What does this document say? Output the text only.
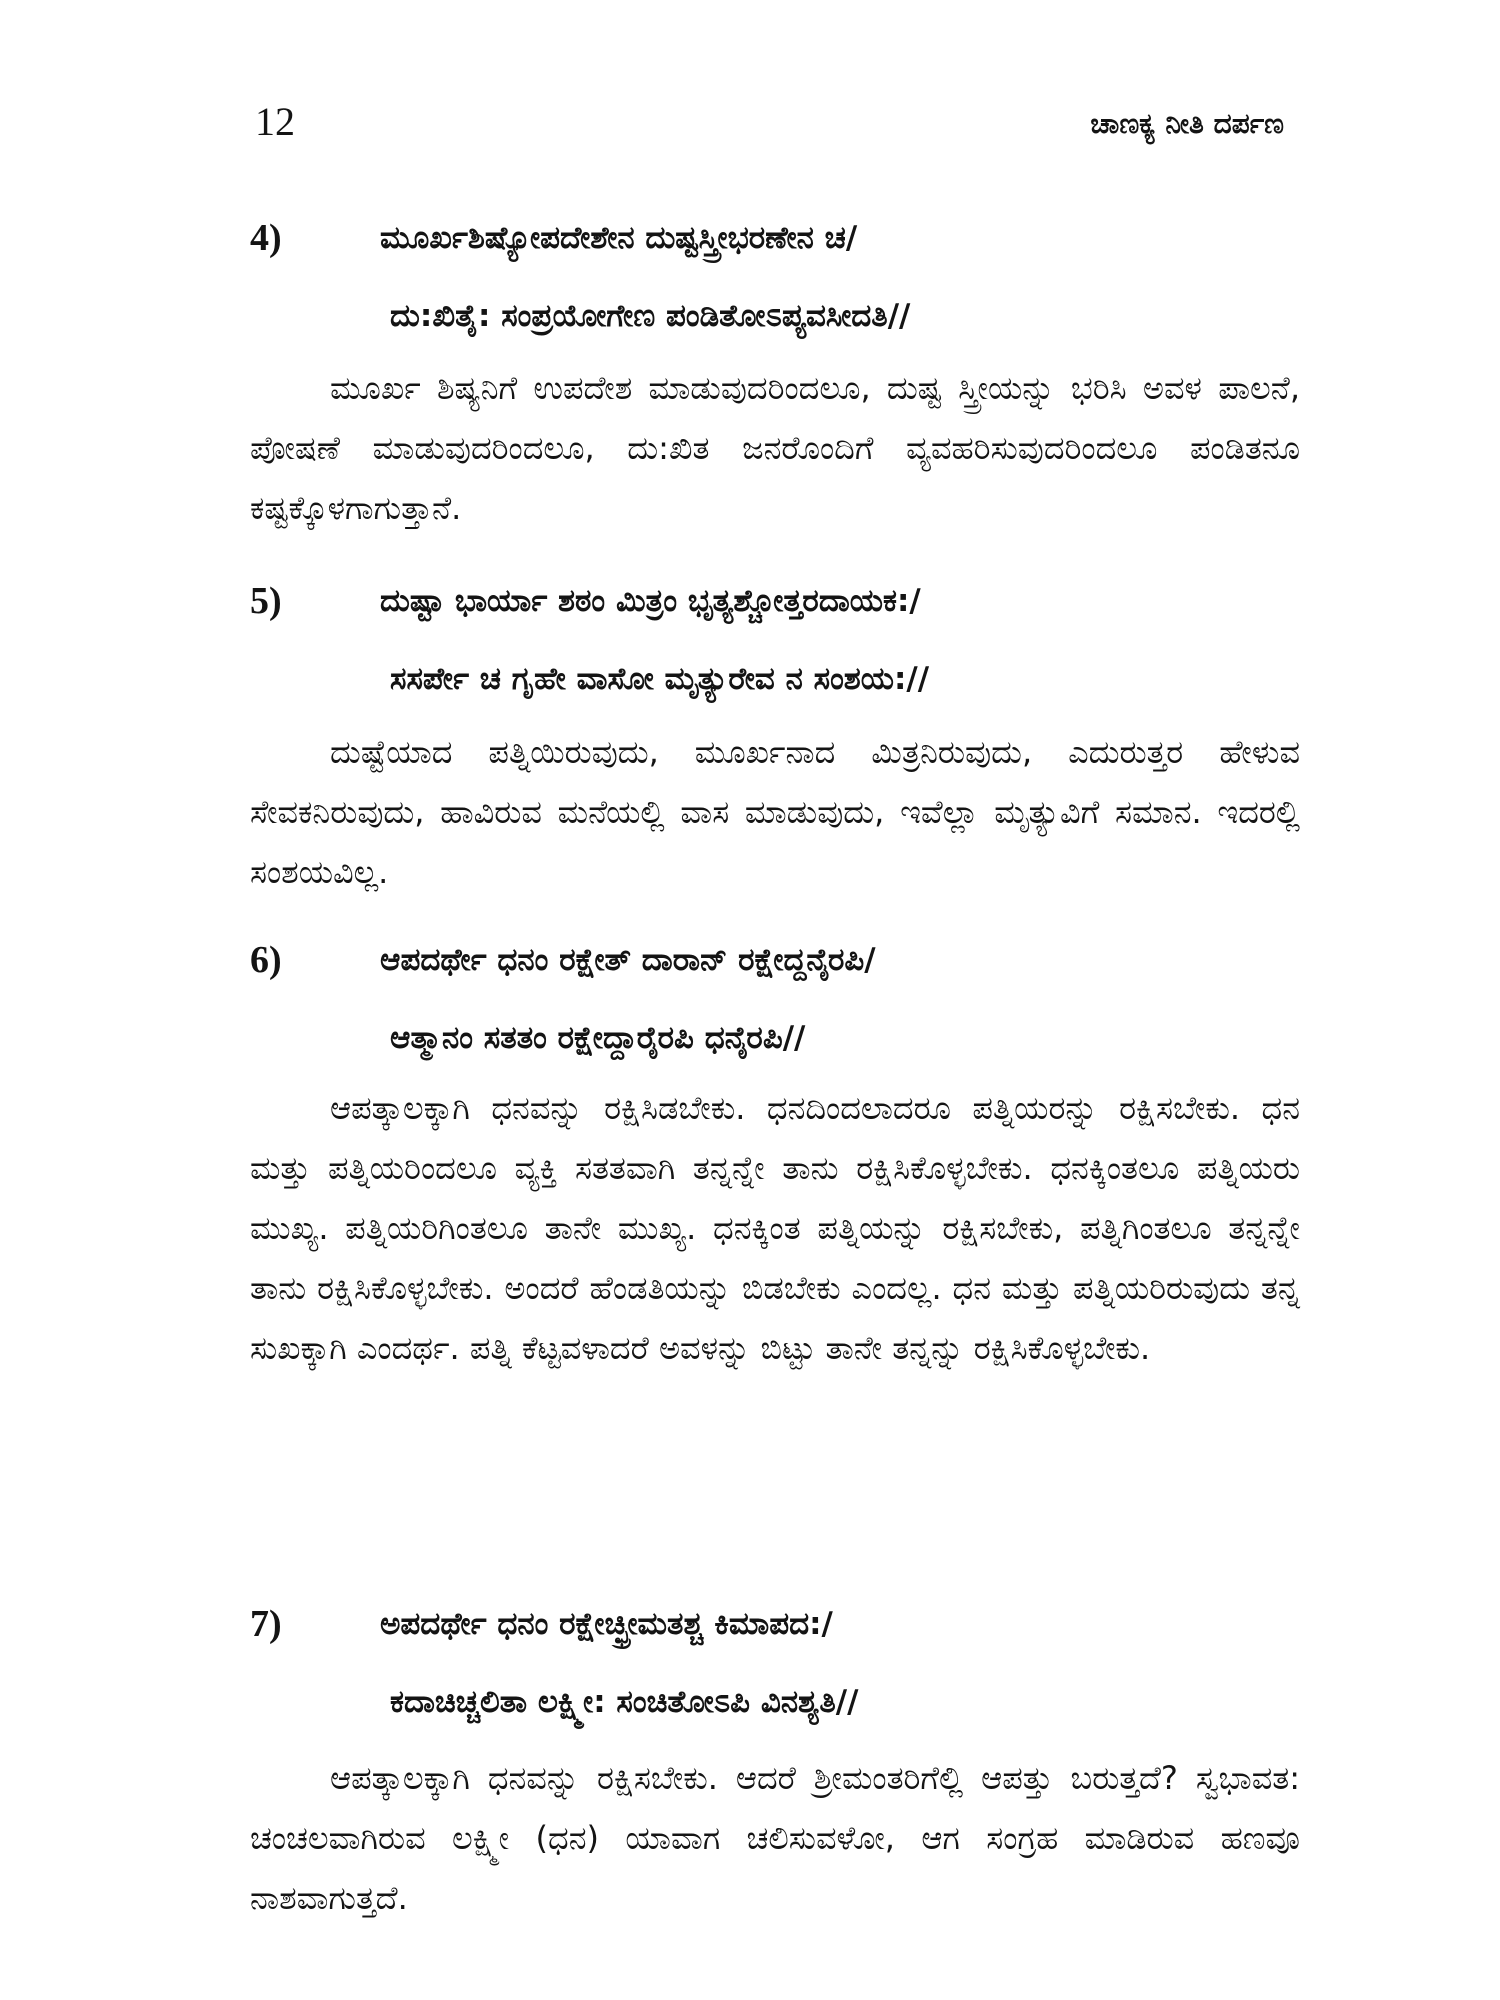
12	ಚಾಣಕ್ಯ ನೀತಿ ದರ್ಪಣ
4)	ಮೂರ್ಖಶಿಷ್ಯೋಪದೇಶೇನ ದುಷ್ಟಸ್ತ್ರೀಭರಣೇನ ಚ/
ದು:ಖಿತೈ: ಸಂಪ್ರಯೋಗೇಣ ಪಂಡಿತೋಽಪ್ಯವಸೀದತಿ//

ಮೂರ್ಖ ಶಿಷ್ಯನಿಗೆ ಉಪದೇಶ ಮಾಡುವುದರಿಂದಲೂ, ದುಷ್ಟ ಸ್ತ್ರೀಯನ್ನು ಭರಿಸಿ ಅವಳ ಪಾಲನೆ, ಪೋಷಣೆ ಮಾಡುವುದರಿಂದಲೂ, ದು:ಖಿತ ಜನರೊಂದಿಗೆ ವ್ಯವಹರಿಸುವುದರಿಂದಲೂ ಪಂಡಿತನೂ ಕಷ್ಟಕ್ಕೊಳಗಾಗುತ್ತಾನೆ.

5)	ದುಷ್ಟಾ ಭಾರ್ಯಾ ಶಠಂ ಮಿತ್ರಂ ಭೃತ್ಯಶ್ಚೋತ್ತರದಾಯಕ:/
ಸಸರ್ಪೇ ಚ ಗೃಹೇ ವಾಸೋ ಮೃತ್ಯುರೇವ ನ ಸಂಶಯ://

ದುಷ್ಟೆಯಾದ ಪತ್ನಿಯಿರುವುದು, ಮೂರ್ಖನಾದ ಮಿತ್ರನಿರುವುದು, ಎದುರುತ್ತರ ಹೇಳುವ ಸೇವಕನಿರುವುದು, ಹಾವಿರುವ ಮನೆಯಲ್ಲಿ ವಾಸ ಮಾಡುವುದು, ಇವೆಲ್ಲಾ ಮೃತ್ಯುವಿಗೆ ಸಮಾನ. ಇದರಲ್ಲಿ ಸಂಶಯವಿಲ್ಲ.

6)	ಆಪದರ್ಥೇ ಧನಂ ರಕ್ಷೇತ್ ದಾರಾನ್ ರಕ್ಷೇದ್ದನೈರಪಿ/
ಆತ್ಮಾನಂ ಸತತಂ ರಕ್ಷೇದ್ದಾರೈರಪಿ ಧನೈರಪಿ//

ಆಪತ್ಕಾಲಕ್ಕಾಗಿ ಧನವನ್ನು ರಕ್ಷಿಸಿಡಬೇಕು. ಧನದಿಂದಲಾದರೂ ಪತ್ನಿಯರನ್ನು ರಕ್ಷಿಸಬೇಕು. ಧನ ಮತ್ತು ಪತ್ನಿಯರಿಂದಲೂ ವ್ಯಕ್ತಿ ಸತತವಾಗಿ ತನ್ನನ್ನೇ ತಾನು ರಕ್ಷಿಸಿಕೊಳ್ಳಬೇಕು. ಧನಕ್ಕಿಂತಲೂ ಪತ್ನಿಯರು ಮುಖ್ಯ. ಪತ್ನಿಯರಿಗಿಂತಲೂ ತಾನೇ ಮುಖ್ಯ. ಧನಕ್ಕಿಂತ ಪತ್ನಿಯನ್ನು ರಕ್ಷಿಸಬೇಕು, ಪತ್ನಿಗಿಂತಲೂ ತನ್ನನ್ನೇ ತಾನು ರಕ್ಷಿಸಿಕೊಳ್ಳಬೇಕು. ಅಂದರೆ ಹೆಂಡತಿಯನ್ನು ಬಿಡಬೇಕು ಎಂದಲ್ಲ. ಧನ ಮತ್ತು ಪತ್ನಿಯರಿರುವುದು ತನ್ನ ಸುಖಕ್ಕಾಗಿ ಎಂದರ್ಥ. ಪತ್ನಿ ಕೆಟ್ಟವಳಾದರೆ ಅವಳನ್ನು ಬಿಟ್ಟು ತಾನೇ ತನ್ನನ್ನು ರಕ್ಷಿಸಿಕೊಳ್ಳಬೇಕು.

7)	ಅಪದರ್ಥೇ ಧನಂ ರಕ್ಷೇಚ್ಛ್ರೀಮತಶ್ಚ ಕಿಮಾಪದ:/
ಕದಾಚಿಚ್ಚಲಿತಾ ಲಕ್ಷ್ಮೀ: ಸಂಚಿತೋಽಪಿ ವಿನಶ್ಯತಿ//

ಆಪತ್ಕಾಲಕ್ಕಾಗಿ ಧನವನ್ನು ರಕ್ಷಿಸಬೇಕು. ಆದರೆ ಶ್ರೀಮಂತರಿಗೆಲ್ಲಿ ಆಪತ್ತು ಬರುತ್ತದೆ? ಸ್ವಭಾವತ: ಚಂಚಲವಾಗಿರುವ ಲಕ್ಷ್ಮೀ (ಧನ) ಯಾವಾಗ ಚಲಿಸುವಳೋ, ಆಗ ಸಂಗ್ರಹ ಮಾಡಿರುವ ಹಣವೂ ನಾಶವಾಗುತ್ತದೆ.
